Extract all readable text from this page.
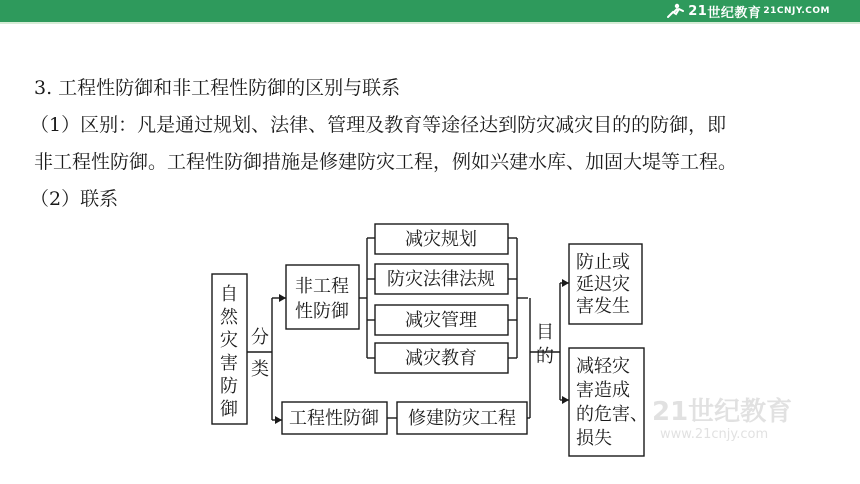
21 世纪教育 21CNJY.COM
3. 工程性防御和非工程性防御的区别与联系
（1）区别：凡是通过规划、法律、管理及教育等途径达到防灾减灾目的的防御，即
非工程性防御。工程性防御措施是修建防灾工程，例如兴建水库、加固大堤等工程。
（2）联系
自
然
灾
害
防
御
分
类
非工程
性防御
减灾规划
防灾法律法规
减灾管理
减灾教育
工程性防御 修建防灾工程
目
的
防止或
延迟灾
害发生
减轻灾
害造成
的危害、
损失
21世纪教育
www.21cnjy.com
